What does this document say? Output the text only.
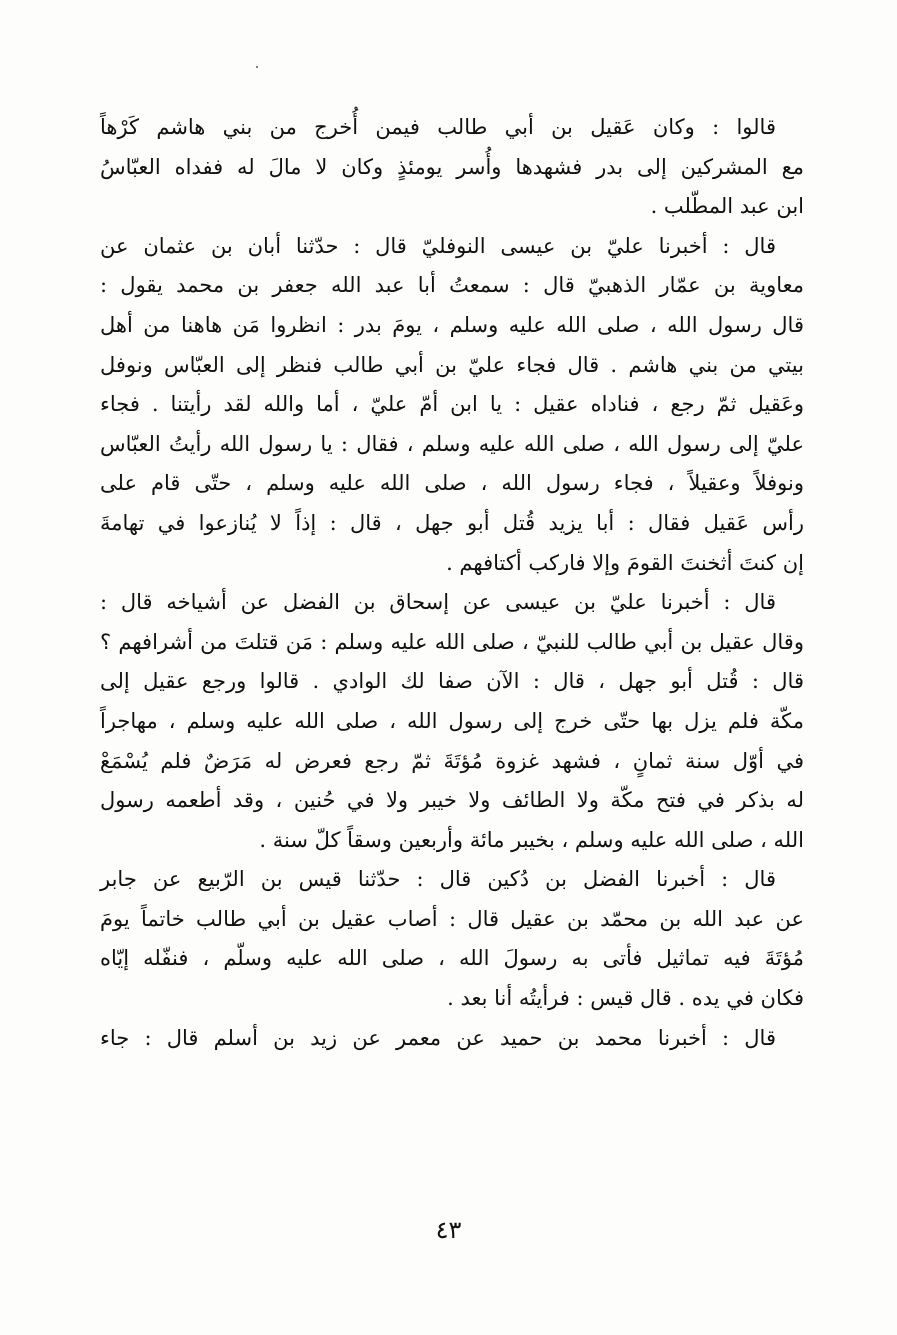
قالوا : وكان عَقيل بن أبي طالب فيمن أُخرج من بني هاشم كَرْهاً
مع المشركين إلى بدر فشهدها وأُسر يومئذٍ وكان لا مالَ له ففداه العبّاسُ
ابن عبد المطّلب .
قال : أخبرنا عليّ بن عيسى النوفليّ قال : حدّثنا أبان بن عثمان عن
معاوية بن عمّار الذهبيّ قال : سمعتُ أبا عبد الله جعفر بن محمد يقول :
قال رسول الله ، صلى الله عليه وسلم ، يومَ بدر : انظروا مَن هاهنا من أهل
بيتي من بني هاشم . قال فجاء عليّ بن أبي طالب فنظر إلى العبّاس ونوفل
وعَقيل ثمّ رجع ، فناداه عقيل : يا ابن أمّ عليّ ، أما والله لقد رأيتنا . فجاء
عليّ إلى رسول الله ، صلى الله عليه وسلم ، فقال : يا رسول الله رأيتُ العبّاس
ونوفلاً وعقيلاً ، فجاء رسول الله ، صلى الله عليه وسلم ، حتّى قام على
رأس عَقيل فقال : أبا يزيد قُتل أبو جهل ، قال : إذاً لا يُنازعوا في تهامةَ
إن كنتَ أثخنتَ القومَ وإلا فاركب أكتافهم .
قال : أخبرنا عليّ بن عيسى عن إسحاق بن الفضل عن أشياخه قال :
وقال عقيل بن أبي طالب للنبيّ ، صلى الله عليه وسلم : مَن قتلتَ من أشرافهم ؟
قال : قُتل أبو جهل ، قال : الآن صفا لك الوادي . قالوا ورجع عقيل إلى
مكّة فلم يزل بها حتّى خرج إلى رسول الله ، صلى الله عليه وسلم ، مهاجراً
في أوّل سنة ثمانٍ ، فشهد غزوة مُؤتَةَ ثمّ رجع فعرض له مَرَضٌ فلم يُسْمَعْ
له بذكر في فتح مكّة ولا الطائف ولا خيبر ولا في حُنين ، وقد أطعمه رسول
الله ، صلى الله عليه وسلم ، بخيبر مائة وأربعين وسقاً كلّ سنة .
قال : أخبرنا الفضل بن دُكين قال : حدّثنا قيس بن الرّبيع عن جابر
عن عبد الله بن محمّد بن عقيل قال : أصاب عقيل بن أبي طالب خاتماً يومَ
مُؤتَةَ فيه تماثيل فأتى به رسولَ الله ، صلى الله عليه وسلّم ، فنفّله إيّاه
فكان في يده . قال قيس : فرأيتُه أنا بعد .
قال : أخبرنا محمد بن حميد عن معمر عن زيد بن أسلم قال : جاء
٤٣
